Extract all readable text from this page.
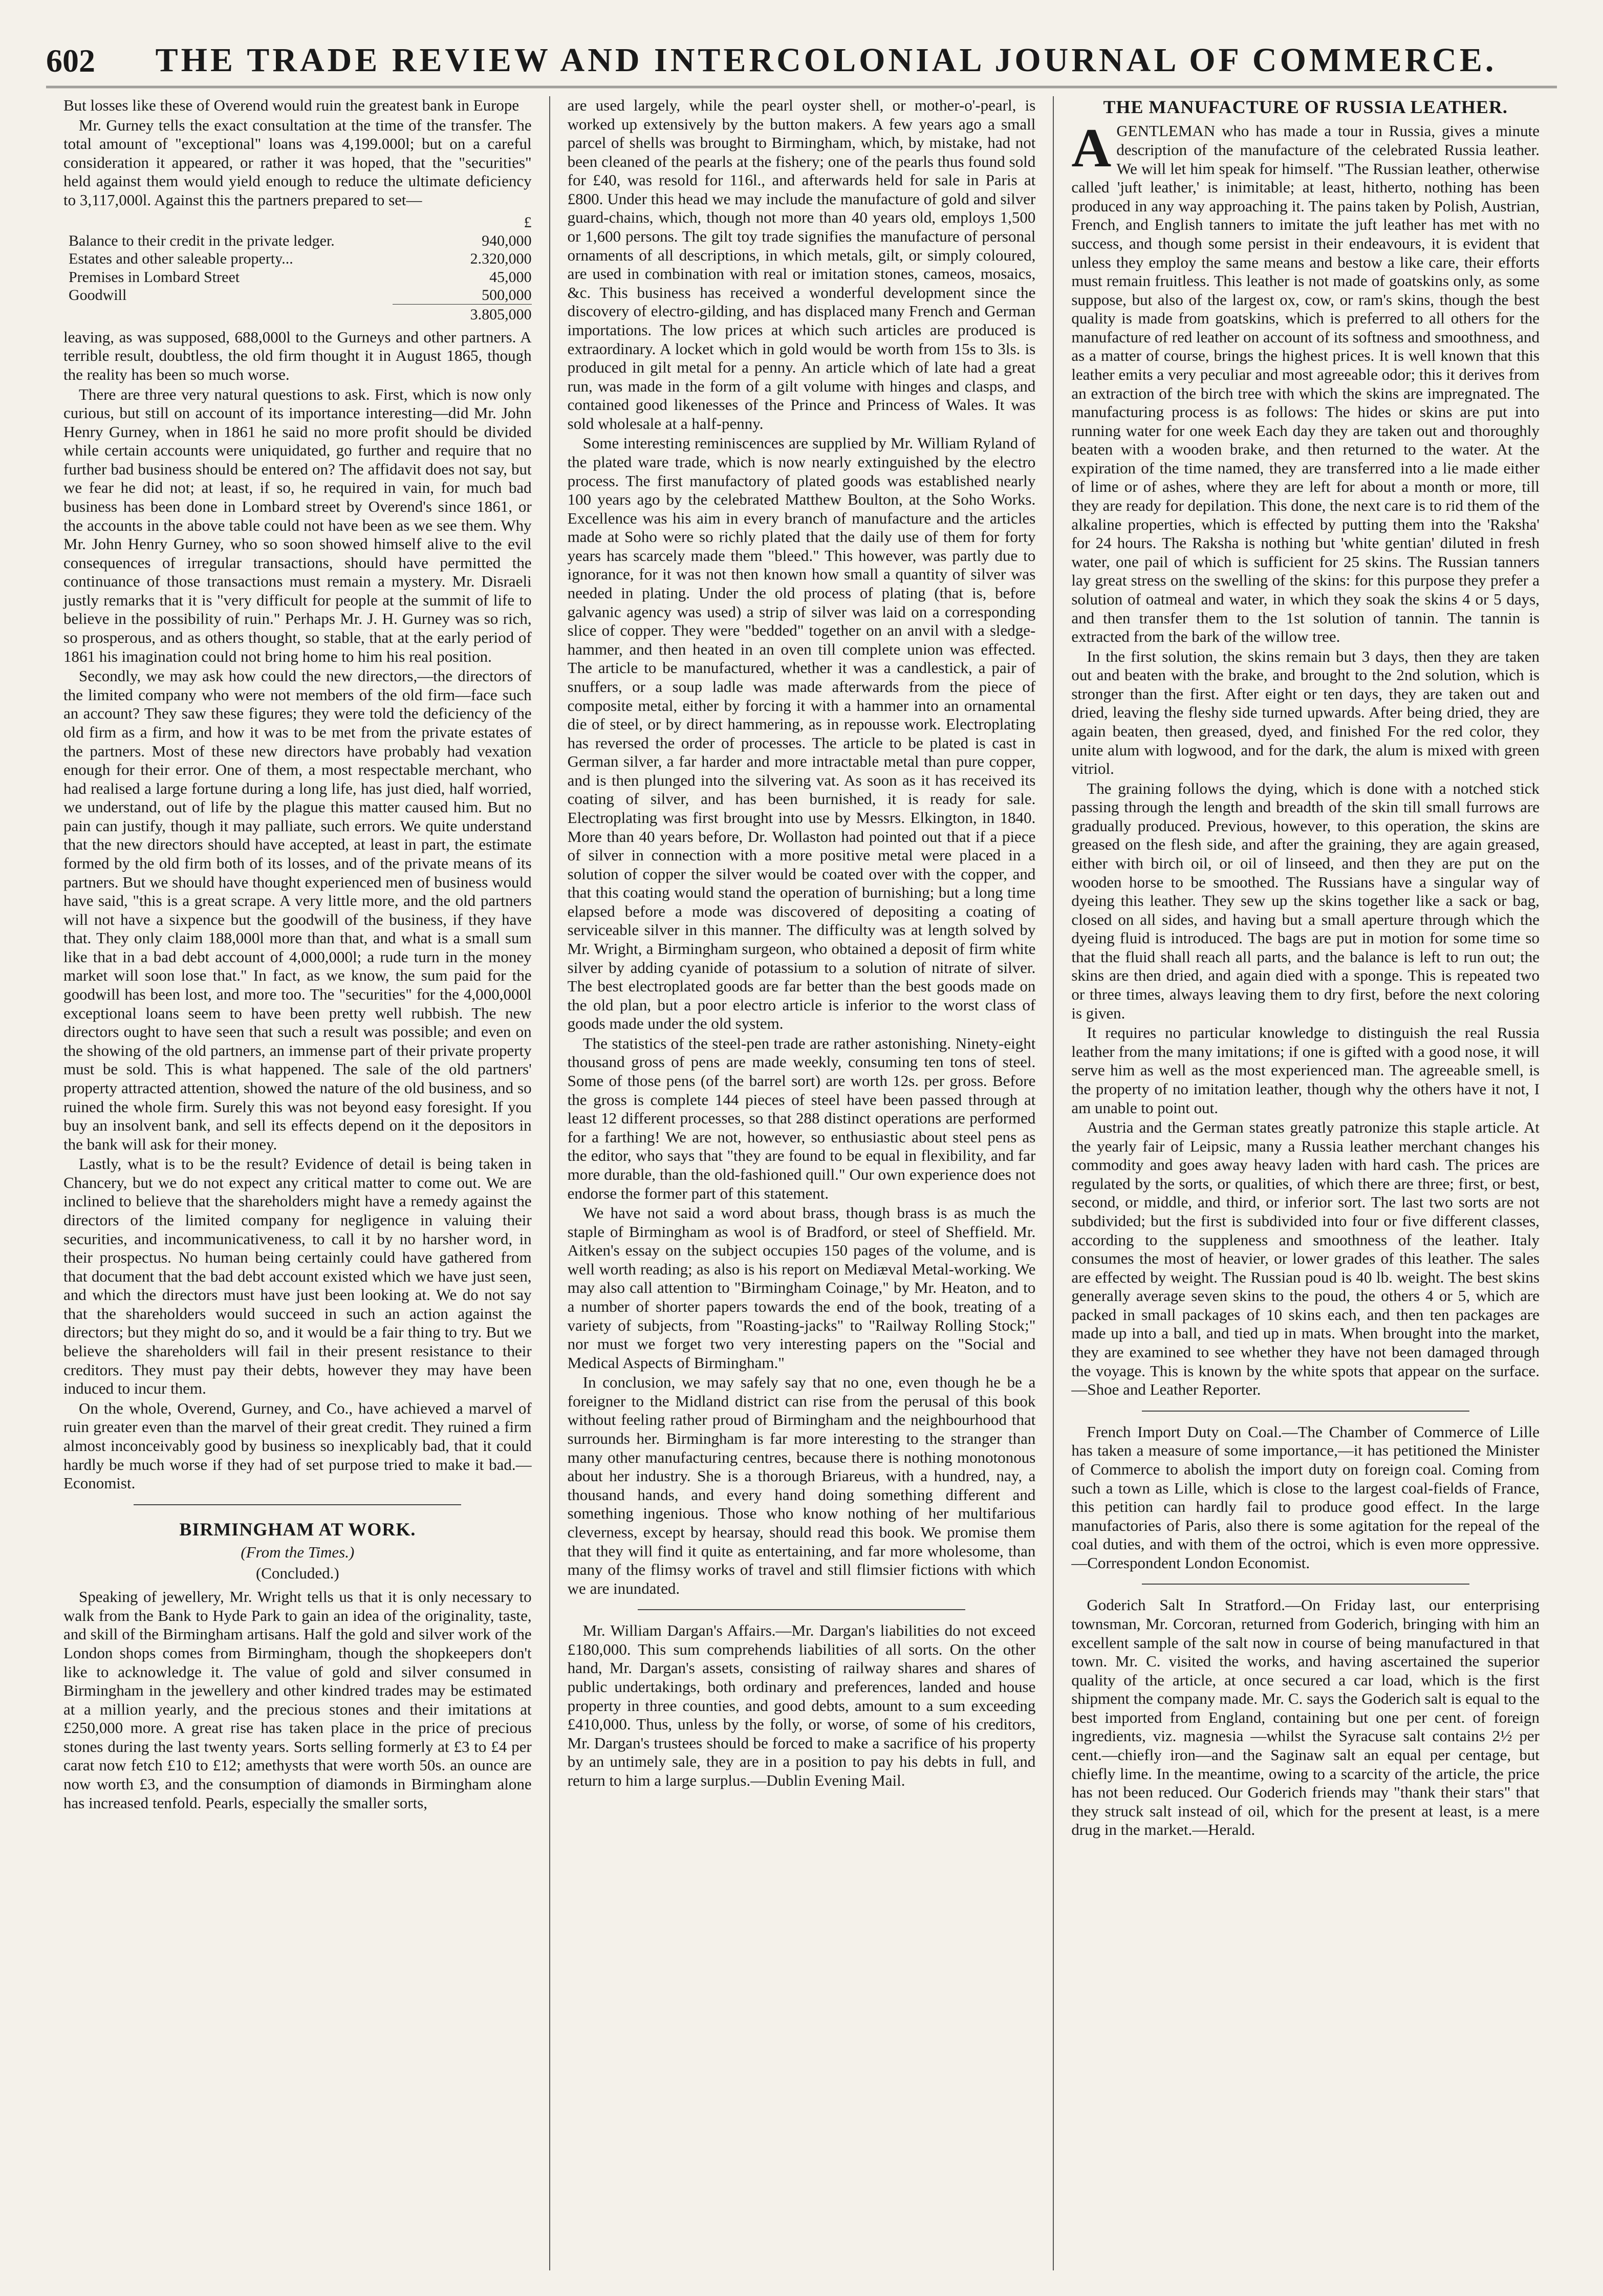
602	THE TRADE REVIEW AND INTERCOLONIAL JOURNAL OF COMMERCE.

But losses like these of Overend would ruin the greatest bank in Europe

Mr. Gurney tells the exact consultation at the time of the transfer. The total amount of "exceptional" loans was 4,199.000l; but on a careful consideration it appeared, or rather it was hoped, that the "securities" held against them would yield enough to reduce the ultimate deficiency to 3,117,000l. Against this the partners prepared to set—

£
Balance to their credit in the private ledger.	940,000
Estates and other saleable property...	2.320,000
Premises in Lombard Street	45,000
Goodwill	500,000
3.805,000

leaving, as was supposed, 688,000l to the Gurneys and other partners. A terrible result, doubtless, the old firm thought it in August 1865, though the reality has been so much worse.

There are three very natural questions to ask. First, which is now only curious, but still on account of its importance interesting—did Mr. John Henry Gurney, when in 1861 he said no more profit should be divided while certain accounts were uniquidated, go further and require that no further bad business should be entered on? The affidavit does not say, but we fear he did not; at least, if so, he required in vain, for much bad business has been done in Lombard street by Overend's since 1861, or the accounts in the above table could not have been as we see them. Why Mr. John Henry Gurney, who so soon showed himself alive to the evil consequences of irregular transactions, should have permitted the continuance of those transactions must remain a mystery. Mr. Disraeli justly remarks that it is "very difficult for people at the summit of life to believe in the possibility of ruin." Perhaps Mr. J. H. Gurney was so rich, so prosperous, and as others thought, so stable, that at the early period of 1861 his imagination could not bring home to him his real position.

Secondly, we may ask how could the new directors,—the directors of the limited company who were not members of the old firm—face such an account? They saw these figures; they were told the deficiency of the old firm as a firm, and how it was to be met from the private estates of the partners. Most of these new directors have probably had vexation enough for their error. One of them, a most respectable merchant, who had realised a large fortune during a long life, has just died, half worried, we understand, out of life by the plague this matter caused him. But no pain can justify, though it may palliate, such errors. We quite understand that the new directors should have accepted, at least in part, the estimate formed by the old firm both of its losses, and of the private means of its partners. But we should have thought experienced men of business would have said, "this is a great scrape. A very little more, and the old partners will not have a sixpence but the goodwill of the business, if they have that. They only claim 188,000l more than that, and what is a small sum like that in a bad debt account of 4,000,000l; a rude turn in the money market will soon lose that." In fact, as we know, the sum paid for the goodwill has been lost, and more too. The "securities" for the 4,000,000l exceptional loans seem to have been pretty well rubbish. The new directors ought to have seen that such a result was possible; and even on the showing of the old partners, an immense part of their private property must be sold. This is what happened. The sale of the old partners' property attracted attention, showed the nature of the old business, and so ruined the whole firm. Surely this was not beyond easy foresight. If you buy an insolvent bank, and sell its effects depend on it the depositors in the bank will ask for their money.

Lastly, what is to be the result? Evidence of detail is being taken in Chancery, but we do not expect any critical matter to come out. We are inclined to believe that the shareholders might have a remedy against the directors of the limited company for negligence in valuing their securities, and incommunicativeness, to call it by no harsher word, in their prospectus. No human being certainly could have gathered from that document that the bad debt account existed which we have just seen, and which the directors must have just been looking at. We do not say that the shareholders would succeed in such an action against the directors; but they might do so, and it would be a fair thing to try. But we believe the shareholders will fail in their present resistance to their creditors. They must pay their debts, however they may have been induced to incur them.

On the whole, Overend, Gurney, and Co., have achieved a marvel of ruin greater even than the marvel of their great credit. They ruined a firm almost inconceivably good by business so inexplicably bad, that it could hardly be much worse if they had of set purpose tried to make it bad.—Economist.

BIRMINGHAM AT WORK.
(From the Times.)
(Concluded.)

Speaking of jewellery, Mr. Wright tells us that it is only necessary to walk from the Bank to Hyde Park to gain an idea of the originality, taste, and skill of the Birmingham artisans. Half the gold and silver work of the London shops comes from Birmingham, though the shopkeepers don't like to acknowledge it. The value of gold and silver consumed in Birmingham in the jewellery and other kindred trades may be estimated at a million yearly, and the precious stones and their imitations at £250,000 more. A great rise has taken place in the price of precious stones during the last twenty years. Sorts selling formerly at £3 to £4 per carat now fetch £10 to £12; amethysts that were worth 50s. an ounce are now worth £3, and the consumption of diamonds in Birmingham alone has increased tenfold. Pearls, especially the smaller sorts,

are used largely, while the pearl oyster shell, or mother-o'-pearl, is worked up extensively by the button makers. A few years ago a small parcel of shells was brought to Birmingham, which, by mistake, had not been cleaned of the pearls at the fishery; one of the pearls thus found sold for £40, was resold for 116l., and afterwards held for sale in Paris at £800. Under this head we may include the manufacture of gold and silver guard-chains, which, though not more than 40 years old, employs 1,500 or 1,600 persons. The gilt toy trade signifies the manufacture of personal ornaments of all descriptions, in which metals, gilt, or simply coloured, are used in combination with real or imitation stones, cameos, mosaics, &c. This business has received a wonderful development since the discovery of electro-gilding, and has displaced many French and German importations. The low prices at which such articles are produced is extraordinary. A locket which in gold would be worth from 15s to 3ls. is produced in gilt metal for a penny. An article which of late had a great run, was made in the form of a gilt volume with hinges and clasps, and contained good likenesses of the Prince and Princess of Wales. It was sold wholesale at a half-penny.

Some interesting reminiscences are supplied by Mr. William Ryland of the plated ware trade, which is now nearly extinguished by the electro process. The first manufactory of plated goods was established nearly 100 years ago by the celebrated Matthew Boulton, at the Soho Works. Excellence was his aim in every branch of manufacture and the articles made at Soho were so richly plated that the daily use of them for forty years has scarcely made them "bleed." This however, was partly due to ignorance, for it was not then known how small a quantity of silver was needed in plating. Under the old process of plating (that is, before galvanic agency was used) a strip of silver was laid on a corresponding slice of copper. They were "bedded" together on an anvil with a sledge-hammer, and then heated in an oven till complete union was effected. The article to be manufactured, whether it was a candlestick, a pair of snuffers, or a soup ladle was made afterwards from the piece of composite metal, either by forcing it with a hammer into an ornamental die of steel, or by direct hammering, as in repousse work. Electroplating has reversed the order of processes. The article to be plated is cast in German silver, a far harder and more intractable metal than pure copper, and is then plunged into the silvering vat. As soon as it has received its coating of silver, and has been burnished, it is ready for sale. Electroplating was first brought into use by Messrs. Elkington, in 1840. More than 40 years before, Dr. Wollaston had pointed out that if a piece of silver in connection with a more positive metal were placed in a solution of copper the silver would be coated over with the copper, and that this coating would stand the operation of burnishing; but a long time elapsed before a mode was discovered of depositing a coating of serviceable silver in this manner. The difficulty was at length solved by Mr. Wright, a Birmingham surgeon, who obtained a deposit of firm white silver by adding cyanide of potassium to a solution of nitrate of silver. The best electroplated goods are far better than the best goods made on the old plan, but a poor electro article is inferior to the worst class of goods made under the old system.

The statistics of the steel-pen trade are rather astonishing. Ninety-eight thousand gross of pens are made weekly, consuming ten tons of steel. Some of those pens (of the barrel sort) are worth 12s. per gross. Before the gross is complete 144 pieces of steel have been passed through at least 12 different processes, so that 288 distinct operations are performed for a farthing! We are not, however, so enthusiastic about steel pens as the editor, who says that "they are found to be equal in flexibility, and far more durable, than the old-fashioned quill." Our own experience does not endorse the former part of this statement.

We have not said a word about brass, though brass is as much the staple of Birmingham as wool is of Bradford, or steel of Sheffield. Mr. Aitken's essay on the subject occupies 150 pages of the volume, and is well worth reading; as also is his report on Mediæval Metal-working. We may also call attention to "Birmingham Coinage," by Mr. Heaton, and to a number of shorter papers towards the end of the book, treating of a variety of subjects, from "Roasting-jacks" to "Railway Rolling Stock;" nor must we forget two very interesting papers on the "Social and Medical Aspects of Birmingham."

In conclusion, we may safely say that no one, even though he be a foreigner to the Midland district can rise from the perusal of this book without feeling rather proud of Birmingham and the neighbourhood that surrounds her. Birmingham is far more interesting to the stranger than many other manufacturing centres, because there is nothing monotonous about her industry. She is a thorough Briareus, with a hundred, nay, a thousand hands, and every hand doing something different and something ingenious. Those who know nothing of her multifarious cleverness, except by hearsay, should read this book. We promise them that they will find it quite as entertaining, and far more wholesome, than many of the flimsy works of travel and still flimsier fictions with which we are inundated.

Mr. William Dargan's Affairs.—Mr. Dargan's liabilities do not exceed £180,000. This sum comprehends liabilities of all sorts. On the other hand, Mr. Dargan's assets, consisting of railway shares and shares of public undertakings, both ordinary and preferences, landed and house property in three counties, and good debts, amount to a sum exceeding £410,000. Thus, unless by the folly, or worse, of some of his creditors, Mr. Dargan's trustees should be forced to make a sacrifice of his property by an untimely sale, they are in a position to pay his debts in full, and return to him a large surplus.—Dublin Evening Mail.

THE MANUFACTURE OF RUSSIA LEATHER.

AGENTLEMAN who has made a tour in Russia, gives a minute description of the manufacture of the celebrated Russia leather. We will let him speak for himself. "The Russian leather, otherwise called 'juft leather,' is inimitable; at least, hitherto, nothing has been produced in any way approaching it. The pains taken by Polish, Austrian, French, and English tanners to imitate the juft leather has met with no success, and though some persist in their endeavours, it is evident that unless they employ the same means and bestow a like care, their efforts must remain fruitless. This leather is not made of goatskins only, as some suppose, but also of the largest ox, cow, or ram's skins, though the best quality is made from goatskins, which is preferred to all others for the manufacture of red leather on account of its softness and smoothness, and as a matter of course, brings the highest prices. It is well known that this leather emits a very peculiar and most agreeable odor; this it derives from an extraction of the birch tree with which the skins are impregnated. The manufacturing process is as follows: The hides or skins are put into running water for one week Each day they are taken out and thoroughly beaten with a wooden brake, and then returned to the water. At the expiration of the time named, they are transferred into a lie made either of lime or of ashes, where they are left for about a month or more, till they are ready for depilation. This done, the next care is to rid them of the alkaline properties, which is effected by putting them into the 'Raksha' for 24 hours. The Raksha is nothing but 'white gentian' diluted in fresh water, one pail of which is sufficient for 25 skins. The Russian tanners lay great stress on the swelling of the skins: for this purpose they prefer a solution of oatmeal and water, in which they soak the skins 4 or 5 days, and then transfer them to the 1st solution of tannin. The tannin is extracted from the bark of the willow tree.

In the first solution, the skins remain but 3 days, then they are taken out and beaten with the brake, and brought to the 2nd solution, which is stronger than the first. After eight or ten days, they are taken out and dried, leaving the fleshy side turned upwards. After being dried, they are again beaten, then greased, dyed, and finished For the red color, they unite alum with logwood, and for the dark, the alum is mixed with green vitriol.

The graining follows the dying, which is done with a notched stick passing through the length and breadth of the skin till small furrows are gradually produced. Previous, however, to this operation, the skins are greased on the flesh side, and after the graining, they are again greased, either with birch oil, or oil of linseed, and then they are put on the wooden horse to be smoothed. The Russians have a singular way of dyeing this leather. They sew up the skins together like a sack or bag, closed on all sides, and having but a small aperture through which the dyeing fluid is introduced. The bags are put in motion for some time so that the fluid shall reach all parts, and the balance is left to run out; the skins are then dried, and again died with a sponge. This is repeated two or three times, always leaving them to dry first, before the next coloring is given.

It requires no particular knowledge to distinguish the real Russia leather from the many imitations; if one is gifted with a good nose, it will serve him as well as the most experienced man. The agreeable smell, is the property of no imitation leather, though why the others have it not, I am unable to point out.

Austria and the German states greatly patronize this staple article. At the yearly fair of Leipsic, many a Russia leather merchant changes his commodity and goes away heavy laden with hard cash. The prices are regulated by the sorts, or qualities, of which there are three; first, or best, second, or middle, and third, or inferior sort. The last two sorts are not subdivided; but the first is subdivided into four or five different classes, according to the suppleness and smoothness of the leather. Italy consumes the most of heavier, or lower grades of this leather. The sales are effected by weight. The Russian poud is 40 lb. weight. The best skins generally average seven skins to the poud, the others 4 or 5, which are packed in small packages of 10 skins each, and then ten packages are made up into a ball, and tied up in mats. When brought into the market, they are examined to see whether they have not been damaged through the voyage. This is known by the white spots that appear on the surface.—Shoe and Leather Reporter.

French Import Duty on Coal.—The Chamber of Commerce of Lille has taken a measure of some importance,—it has petitioned the Minister of Commerce to abolish the import duty on foreign coal. Coming from such a town as Lille, which is close to the largest coal-fields of France, this petition can hardly fail to produce good effect. In the large manufactories of Paris, also there is some agitation for the repeal of the coal duties, and with them of the octroi, which is even more oppressive.—Correspondent London Economist.

Goderich Salt In Stratford.—On Friday last, our enterprising townsman, Mr. Corcoran, returned from Goderich, bringing with him an excellent sample of the salt now in course of being manufactured in that town. Mr. C. visited the works, and having ascertained the superior quality of the article, at once secured a car load, which is the first shipment the company made. Mr. C. says the Goderich salt is equal to the best imported from England, containing but one per cent. of foreign ingredients, viz. magnesia —whilst the Syracuse salt contains 2½ per cent.—chiefly iron—and the Saginaw salt an equal per centage, but chiefly lime. In the meantime, owing to a scarcity of the article, the price has not been reduced. Our Goderich friends may "thank their stars" that they struck salt instead of oil, which for the present at least, is a mere drug in the market.—Herald.
